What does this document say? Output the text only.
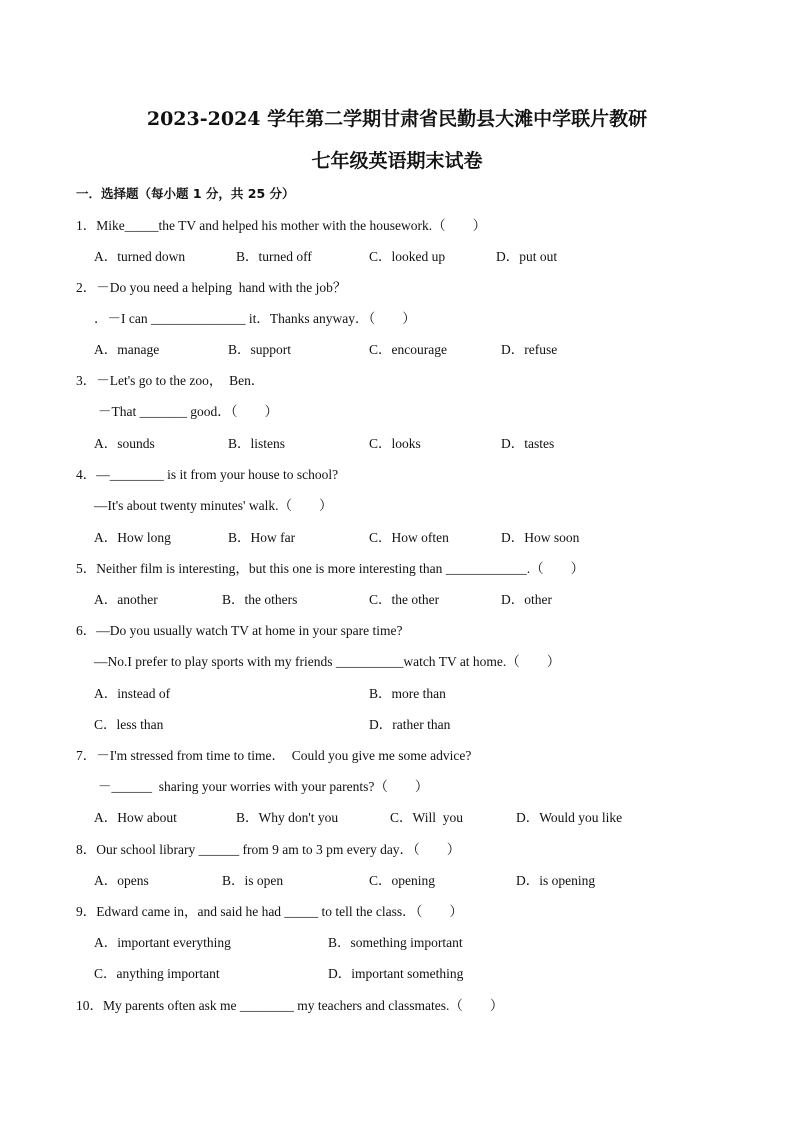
2023-2024 学年第二学期甘肃省民勤县大滩中学联片教研
七年级英语期末试卷
一．选择题（每小题 1 分，共 25 分）
1．Mike_____the TV and helped his mother with the housework.（　　）
A．turned down	B．turned off	C．looked up	D．put out
2．－Do you need a helping  hand with the job？
．－I can ______________ it．Thanks anyway．（　　）
A．manage	B．support	C．encourage	D．refuse
3．－Let's go to the zoo，  Ben．
－That _______ good．（　　）
A．sounds	B．listens	C．looks	D．tastes
4．—________ is it from your house to school?
—It's about twenty minutes' walk.（　　）
A．How long	B．How far	C．How often	D．How soon
5．Neither film is interesting，but this one is more interesting than ____________.（　　）
A．another	B．the others	C．the other	D．other
6．—Do you usually watch TV at home in your spare time?
—No.I prefer to play sports with my friends __________watch TV at home.（　　）
A．instead of	B．more than
C．less than	D．rather than
7．－I'm stressed from time to time．  Could you give me some advice?
－______  sharing your worries with your parents?（　　）
A．How about	B．Why don't you	C．Will  you	D．Would you like
8．Our school library ______ from 9 am to 3 pm every day．（　　）
A．opens	B．is open	C．opening	D．is opening
9．Edward came in，and said he had _____ to tell the class．（　　）
A．important everything	B．something important
C．anything important	D．important something
10．My parents often ask me ________ my teachers and classmates.（　　）
